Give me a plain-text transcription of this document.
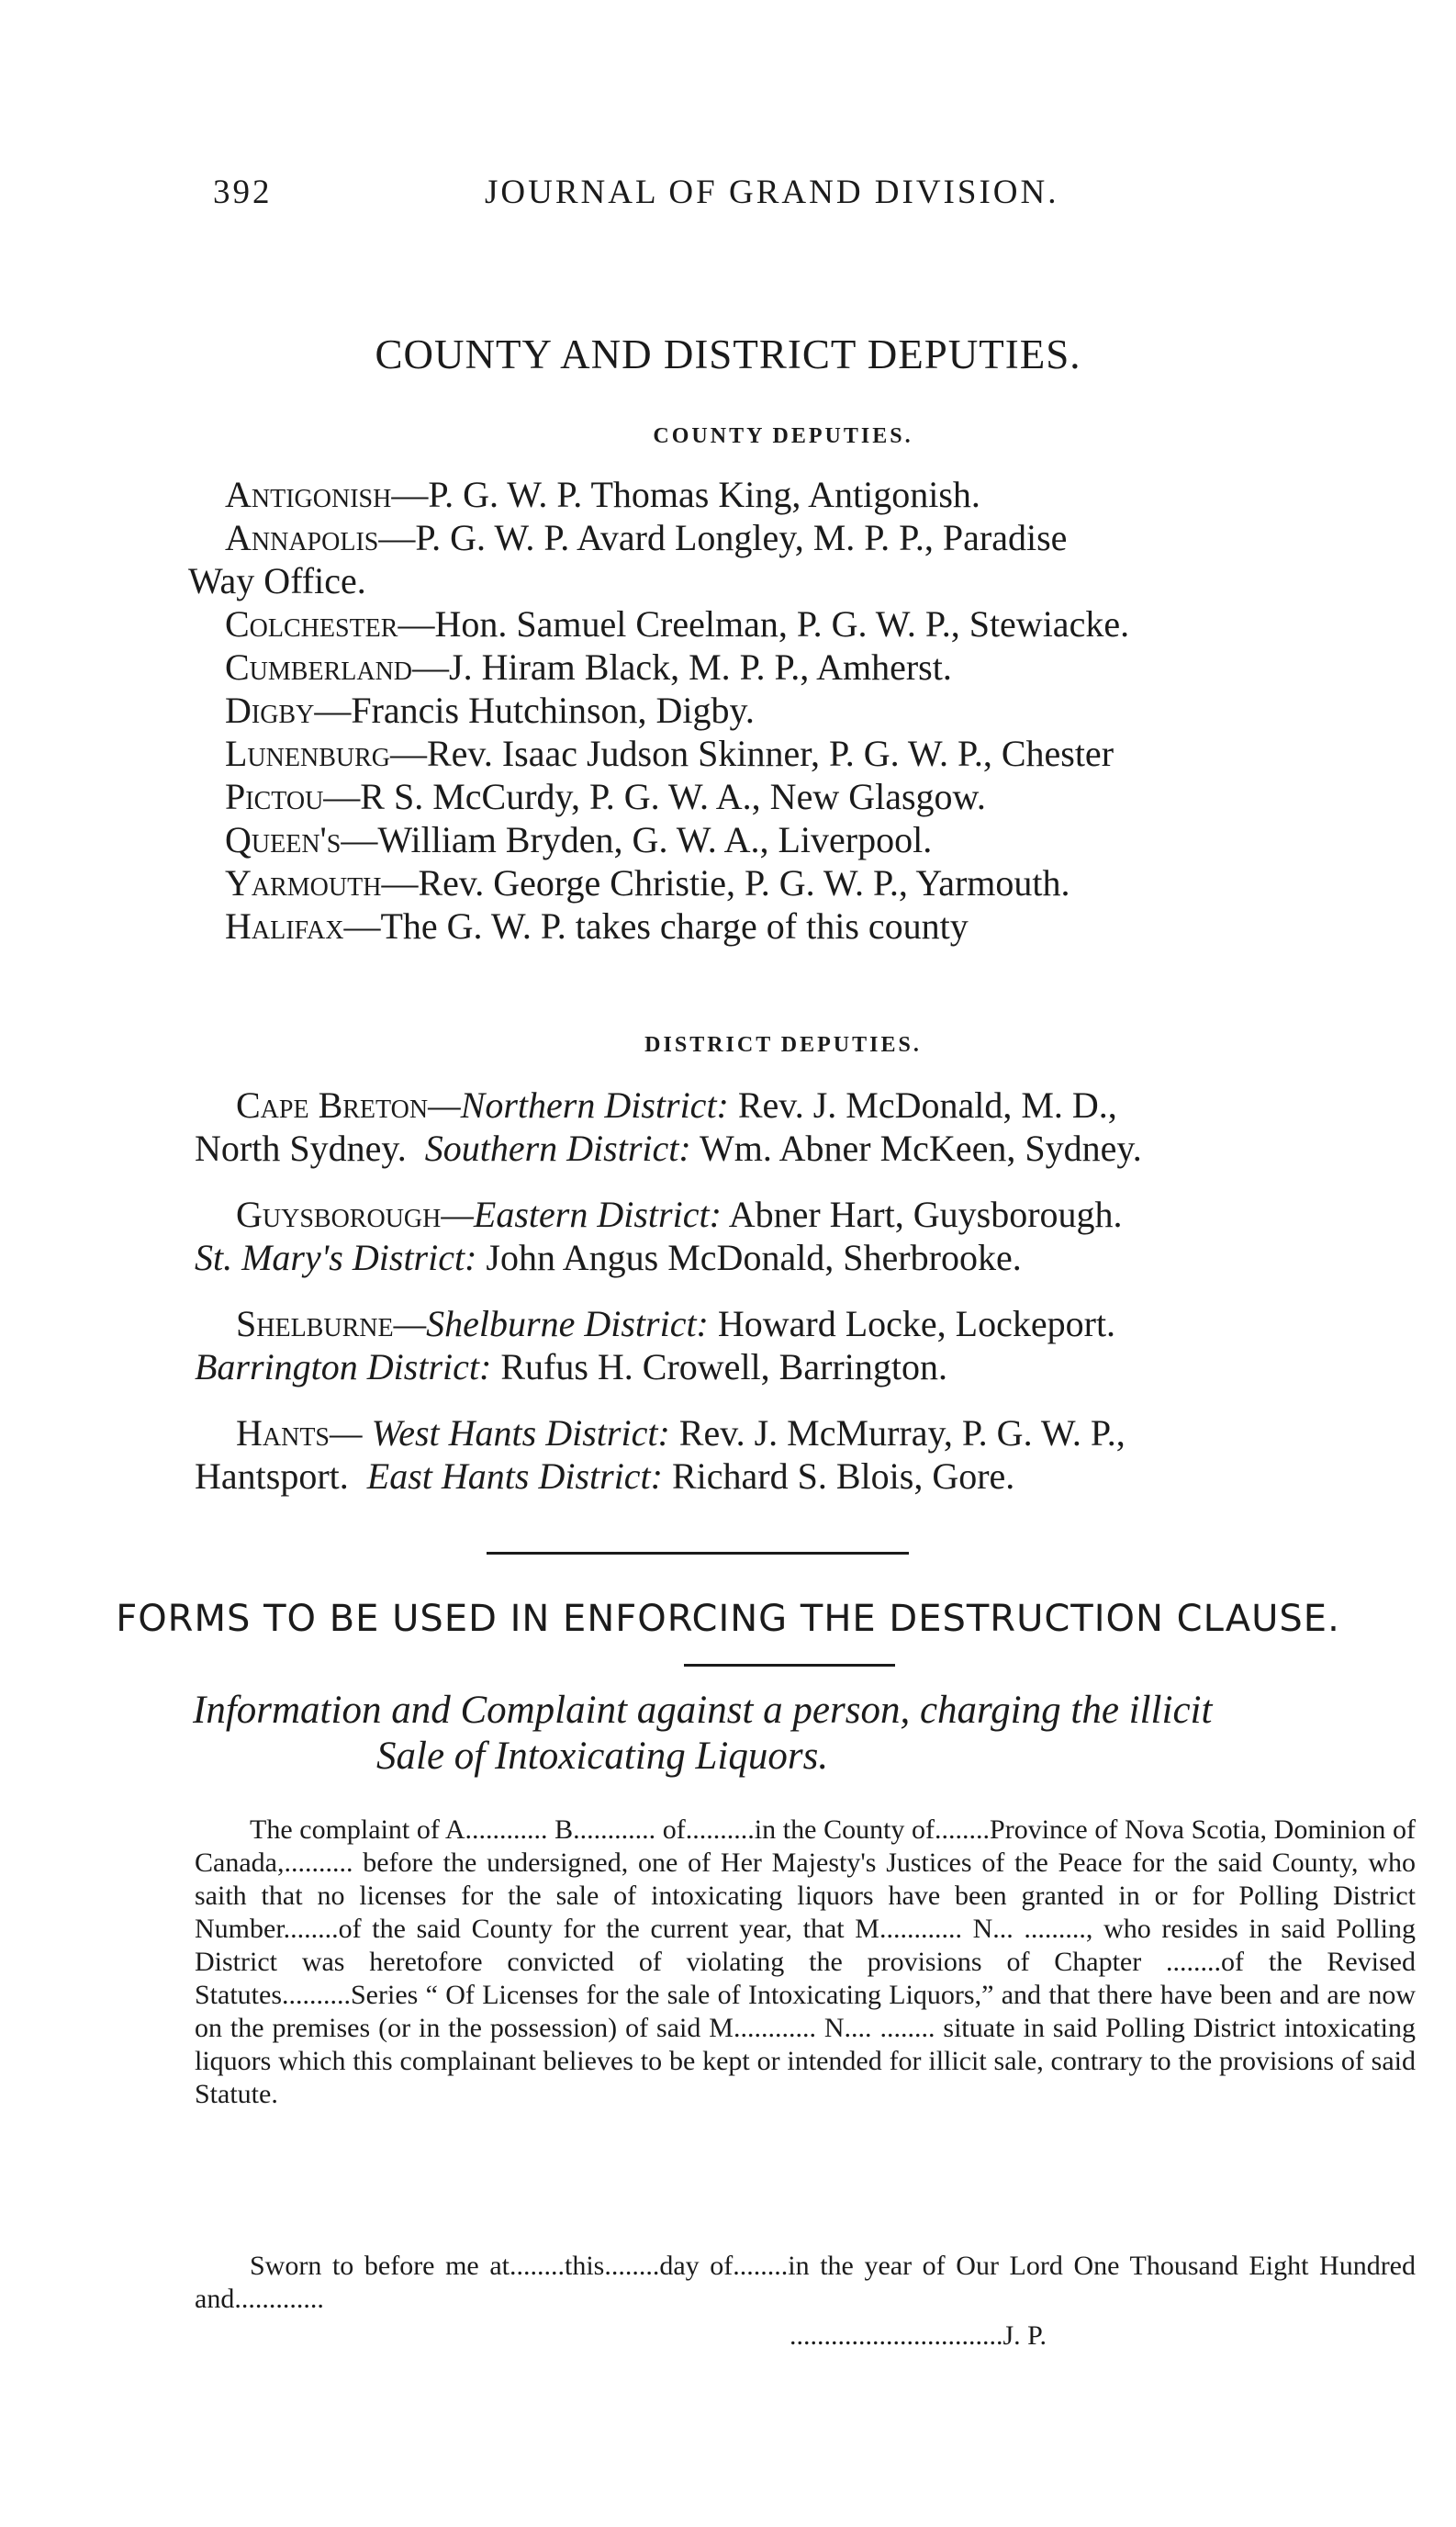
392	JOURNAL OF GRAND DIVISION.
COUNTY AND DISTRICT DEPUTIES.
COUNTY DEPUTIES.

Antigonish—P. G. W. P. Thomas King, Antigonish.

Annapolis—P. G. W. P. Avard Longley, M. P. P., Paradise
Way Office.

Colchester—Hon. Samuel Creelman, P. G. W. P., Stewiacke.

Cumberland—J. Hiram Black, M. P. P., Amherst.

Digby—Francis Hutchinson, Digby.

Lunenburg—Rev. Isaac Judson Skinner, P. G. W. P., Chester

Pictou—R S. McCurdy, P. G. W. A., New Glasgow.

Queen's—William Bryden, G. W. A., Liverpool.

Yarmouth—Rev. George Christie, P. G. W. P., Yarmouth.

Halifax—The G. W. P. takes charge of this county

DISTRICT DEPUTIES.
Cape Breton—Northern District: Rev. J. McDonald, M. D.,
North Sydney. Southern District: Wm. Abner McKeen, Sydney.
Guysborough—Eastern District: Abner Hart, Guysborough.
St. Mary's District: John Angus McDonald, Sherbrooke.
Shelburne—Shelburne District: Howard Locke, Lockeport.
Barrington District: Rufus H. Crowell, Barrington.
Hants— West Hants District: Rev. J. McMurray, P. G. W. P.,
Hantsport. East Hants District: Richard S. Blois, Gore.
FORMS TO BE USED IN ENFORCING THE DESTRUCTION CLAUSE.
Information and Complaint against a person, charging the illicit
Sale of Intoxicating Liquors.

The complaint of A............ B............ of..........in the County of........Province of Nova Scotia, Dominion of Canada,.......... before the undersigned, one of Her Majesty's Justices of the Peace for the said County, who saith that no licenses for the sale of intoxicating liquors have been granted in or for Polling District Number........of the said County for the current year, that M............ N... ........., who resides in said Polling District was heretofore convicted of violating the provisions of Chapter ........of the Revised Statutes..........Series “ Of Licenses for the sale of Intoxicating Liquors,” and that there have been and are now on the premises (or in the possession) of said M............ N.... ........ situate in said Polling District intoxicating liquors which this complainant believes to be kept or intended for illicit sale, contrary to the provisions of said Statute.

Sworn to before me at........this........day of........in the year of Our Lord One Thousand Eight Hundred and.............

...............................J. P.
